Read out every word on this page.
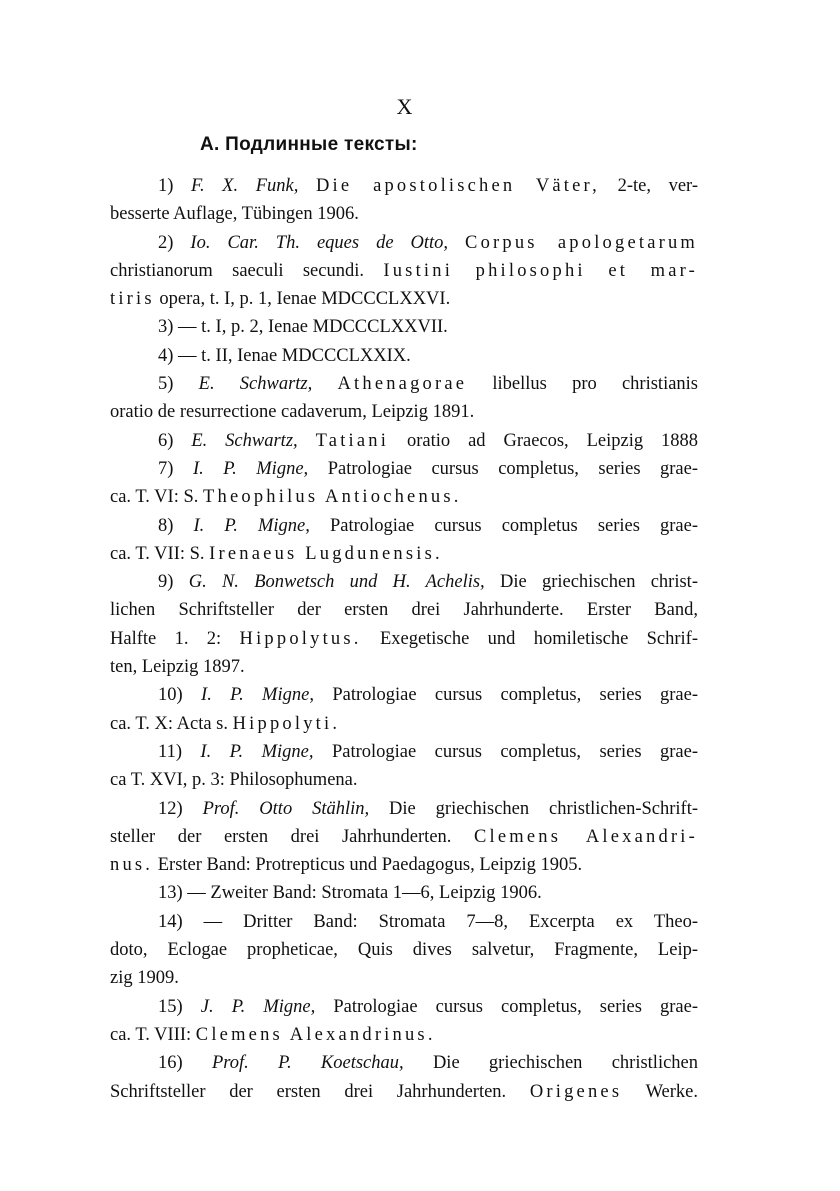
X
А. Подлинные тексты:
1) F. X. Funk, Die apostolischen Väter, 2-te, ver-
besserte Auflage, Tübingen 1906.
2) Io. Car. Th. eques de Otto, Corpus apologetarum
christianorum saeculi secundi. Iustini philosophi et mar-
tiris opera, t. I, p. 1, Ienae MDCCCLXXVI.
3) — t. I, p. 2, Ienae MDCCCLXXVII.
4) — t. II, Ienae MDCCCLXXIX.
5) E. Schwartz, Athenagorae libellus pro christianis
oratio de resurrectione cadaverum, Leipzig 1891.
6) E. Schwartz, Tatiani oratio ad Graecos, Leipzig 1888
7) I. P. Migne, Patrologiae cursus completus, series grae-
ca. T. VI: S. Theophilus Antiochenus.
8) I. P. Migne, Patrologiae cursus completus series grae-
ca. T. VII: S. Irenaeus Lugdunensis.
9) G. N. Bonwetsch und H. Achelis, Die griechischen christ-
lichen Schriftsteller der ersten drei Jahrhunderte. Erster Band,
Halfte 1. 2: Hippolytus. Exegetische und homiletische Schrif-
ten, Leipzig 1897.
10) I. P. Migne, Patrologiae cursus completus, series grae-
ca. T. X: Acta s. Hippolyti.
11) I. P. Migne, Patrologiae cursus completus, series grae-
ca T. XVI, p. 3: Philosophumena.
12) Prof. Otto Stählin, Die griechischen christlichen-Schrift-
steller der ersten drei Jahrhunderten. Clemens Alexandri-
nus. Erster Band: Protrepticus und Paedagogus, Leipzig 1905.
13) — Zweiter Band: Stromata 1—6, Leipzig 1906.
14) — Dritter Band: Stromata 7—8, Excerpta ex Theo-
doto, Eclogae propheticae, Quis dives salvetur, Fragmente, Leip-
zig 1909.
15) J. P. Migne, Patrologiae cursus completus, series grae-
ca. T. VIII: Clemens Alexandrinus.
16) Prof. P. Koetschau, Die griechischen christlichen
Schriftsteller der ersten drei Jahrhunderten. Origenes Werke.
